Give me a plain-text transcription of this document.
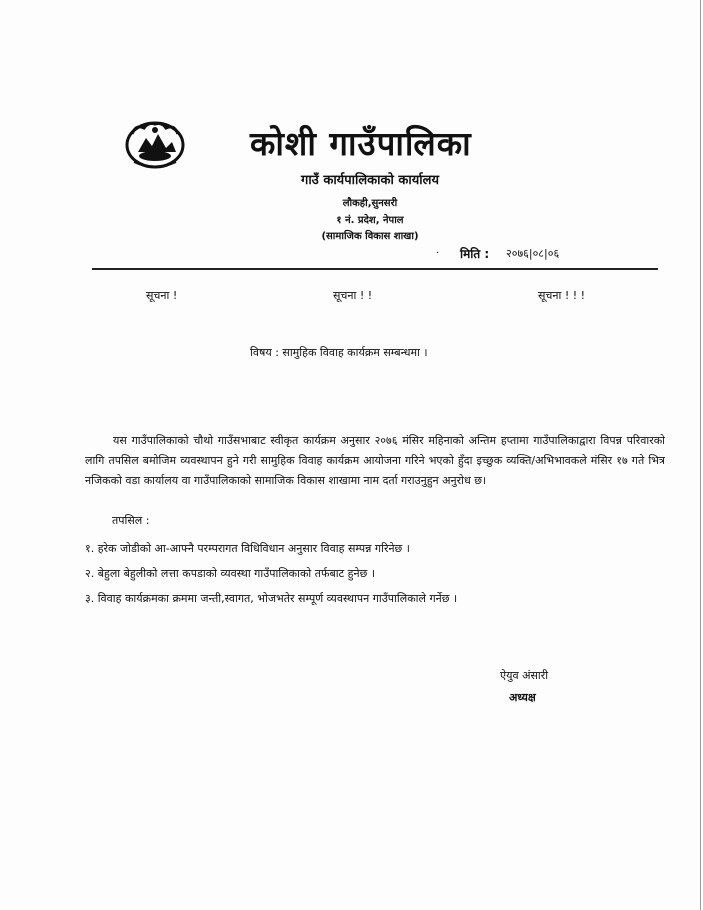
कोशी गाउँपालिका
गाउँ कार्यपालिकाको कार्यालय
लौकही,सुनसरी
१ नं. प्रदेश, नेपाल
(सामाजिक विकास शाखा)
· मिति : २०७६|०८|०६
सूचना !	सूचना ! !	सूचना ! ! !
विषय : सामुहिक विवाह कार्यक्रम सम्बन्धमा ।
यस गाउँपालिकाको चौथो गाउँसभाबाट स्वीकृत कार्यक्रम अनुसार २०७६ मंसिर महिनाको अन्तिम हप्तामा गाउँपालिकाद्वारा विपन्न परिवारको लागि तपसिल बमोजिम व्यवस्थापन हुने गरी सामुहिक विवाह कार्यक्रम आयोजना गरिने भएको हुँदा इच्छुक व्यक्ति/अभिभावकले मंसिर १७ गते भित्र नजिकको वडा कार्यालय वा गाउँपालिकाको सामाजिक विकास शाखामा नाम दर्ता गराउनुहुन अनुरोध छ।
तपसिल :
१. हरेक जोडीको आ-आफ्नै परम्परागत विधिविधान अनुसार विवाह सम्पन्न गरिनेछ ।
२. बेहुला बेहुलीको लत्ता कपडाको व्यवस्था गाउँपालिकाको तर्फबाट हुनेछ ।
३. विवाह कार्यक्रमका क्रममा जन्ती,स्वागत, भोजभतेर सम्पूर्ण व्यवस्थापन गाउँपालिकाले गर्नेछ ।
ऐयुव अंसारी
अध्यक्ष
